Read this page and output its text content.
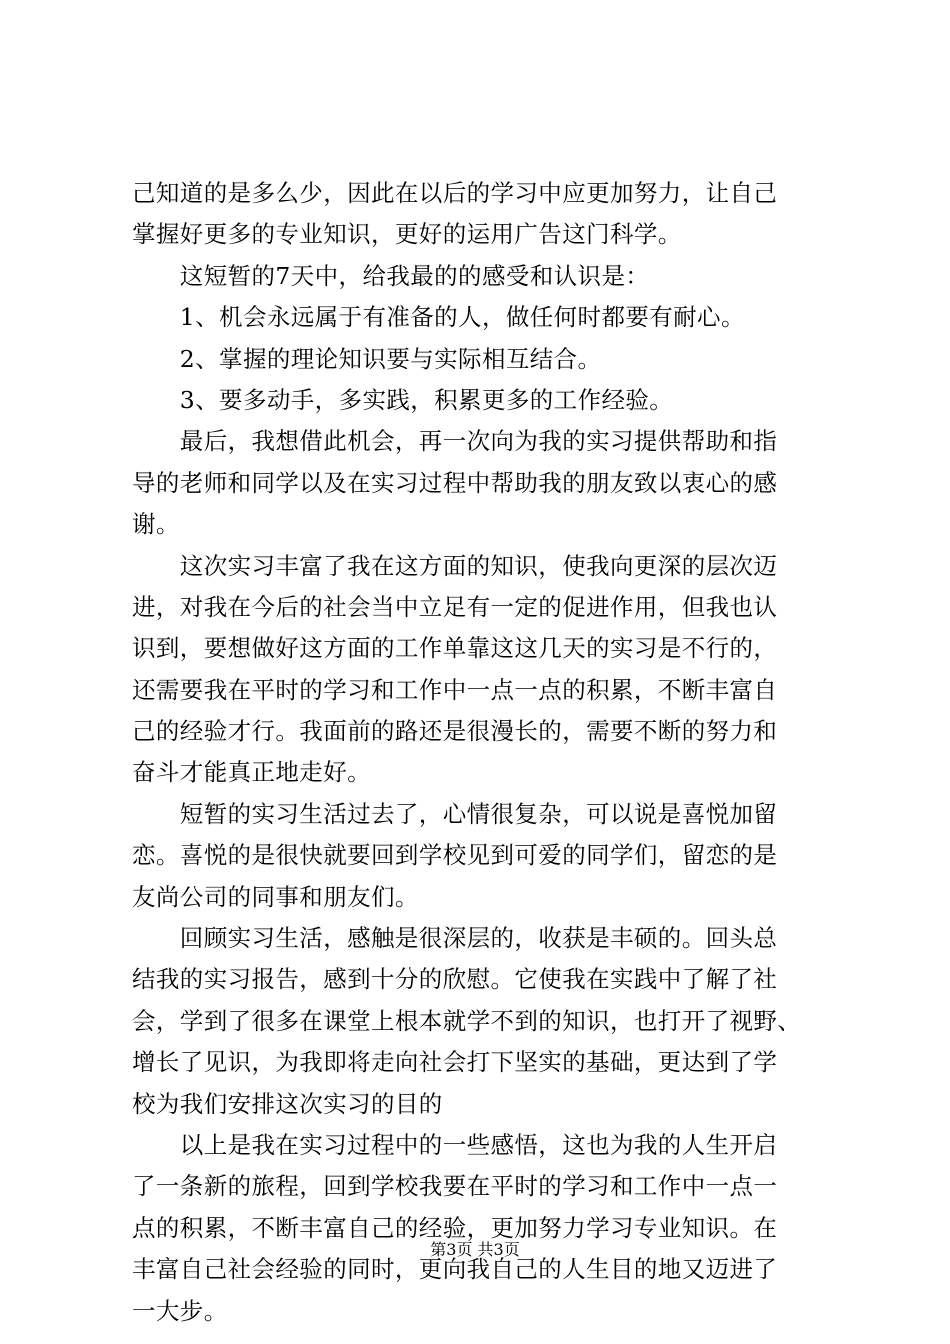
己知道的是多么少，因此在以后的学习中应更加努力，让自己
掌握好更多的专业知识，更好的运用广告这门科学。
　　这短暂的7天中，给我最的的感受和认识是：
　　1、机会永远属于有准备的人，做任何时都要有耐心。
　　2、掌握的理论知识要与实际相互结合。
　　3、要多动手，多实践，积累更多的工作经验。
　　最后，我想借此机会，再一次向为我的实习提供帮助和指
导的老师和同学以及在实习过程中帮助我的朋友致以衷心的感
谢。
　　这次实习丰富了我在这方面的知识，使我向更深的层次迈
进，对我在今后的社会当中立足有一定的促进作用，但我也认
识到，要想做好这方面的工作单靠这这几天的实习是不行的，
还需要我在平时的学习和工作中一点一点的积累，不断丰富自
己的经验才行。我面前的路还是很漫长的，需要不断的努力和
奋斗才能真正地走好。
　　短暂的实习生活过去了，心情很复杂，可以说是喜悦加留
恋。喜悦的是很快就要回到学校见到可爱的同学们，留恋的是
友尚公司的同事和朋友们。
　　回顾实习生活，感触是很深层的，收获是丰硕的。回头总
结我的实习报告，感到十分的欣慰。它使我在实践中了解了社
会，学到了很多在课堂上根本就学不到的知识，也打开了视野、
增长了见识，为我即将走向社会打下坚实的基础，更达到了学
校为我们安排这次实习的目的
　　以上是我在实习过程中的一些感悟，这也为我的人生开启
了一条新的旅程，回到学校我要在平时的学习和工作中一点一
点的积累，不断丰富自己的经验，更加努力学习专业知识。在
丰富自己社会经验的同时，更向我自己的人生目的地又迈进了
一大步。
第3页 共3页
